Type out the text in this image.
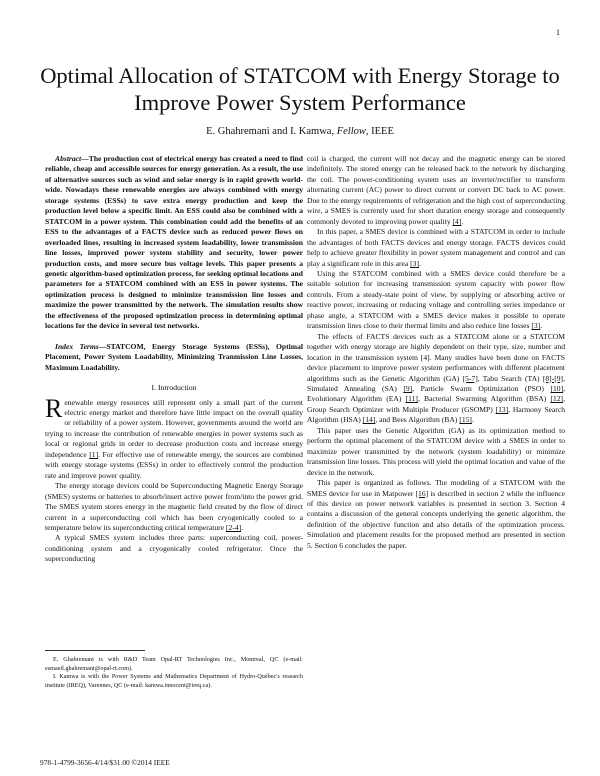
1
Optimal Allocation of STATCOM with Energy Storage to Improve Power System Performance
E. Ghahremani and I. Kamwa, Fellow, IEEE
Abstract—The production cost of electrical energy has created a need to find reliable, cheap and accessible sources for energy generation. As a result, the use of alternative sources such as wind and solar energy is in rapid growth world-wide. Nowadays these renewable energies are always combined with energy storage systems (ESSs) to save extra energy production and keep the production level below a specific limit. An ESS could also be combined with a STATCOM in a power system. This combination could add the benefits of an ESS to the advantages of a FACTS device such as reduced power flows on overloaded lines, resulting in increased system loadability, lower transmission line losses, improved power system stability and security, lower power production costs, and more secure bus voltage levels. This paper presents a genetic algorithm-based optimization process, for seeking optimal locations and parameters for a STATCOM combined with an ESS in power systems. The optimization process is designed to minimize transmission line losses and maximize the power transmitted by the network. The simulation results show the effectiveness of the proposed optimization process in determining optimal locations for the device in several test networks.
Index Terms—STATCOM, Energy Storage Systems (ESSs), Optimal Placement, Power System Loadability, Minimizing Tranmission Line Losses, Maximum Loadability.
I. Introduction
Renewable energy resources still represent only a small part of the current electric energy market and therefore have little impact on the overall quality or reliability of a power system. However, governments around the world are trying to increase the contribution of renewable energies in power systems such as local or regional grids in order to decrease production costs and increase energy independence [1]. For effective use of renewable energy, the sources are combined with energy storage systems (ESSs) in order to effectively control the production rate and improve power quality.
The energy storage devices could be Superconducting Magnetic Energy Storage (SMES) systems or batteries to absorb/insert active power from/into the power grid. The SMES system stores energy in the magnetic field created by the flow of direct current in a superconducting coil which has been cryogenically cooled to a temperature below its superconducting critical temperature [2-4].
A typical SMES system includes three parts: superconducting coil, power-conditioning system and a cryogenically cooled refrigerator. Once the superconducting
coil is charged, the current will not decay and the magnetic energy can be stored indefinitely. The stored energy can be released back to the network by discharging the coil. The power-conditioning system uses an inverter/rectifier to transform alternating current (AC) power to direct current or convert DC back to AC power. Due to the energy requirements of refrigeration and the high cost of superconducting wire, a SMES is currently used for short duration energy storage and consequently commonly devoted to improving power quality [4].
In this paper, a SMES device is combined with a STATCOM in order to include the advantages of both FACTS devices and energy storage. FACTS devices could help to achieve greater flexibility in power system management and control and can play a significant role in this area [3].
Using the STATCOM combined with a SMES device could therefore be a suitable solution for increasing transmission system capacity with power flow controls. From a steady-state point of view, by supplying or absorbing active or reactive power, increasing or reducing voltage and controlling series impedance or phase angle, a STATCOM with a SMES device makes it possible to operate transmission lines close to their thermal limits and also reduce line losses [3].
The effects of FACTS devices such as a STATCOM alone or a STATCOM together with energy storage are highly dependent on their type, size, number and location in the transmission system [4]. Many studies have been done on FACTS device placement to improve power system performances with different placement algorithms such as the Genetic Algorithm (GA) [5-7], Tabu Search (TA) [8]-[9], Simulated Annealing (SA) [9], Particle Swarm Optimization (PSO) [10], Evolutionary Algorithm (EA) [11], Bacterial Swarming Algorithm (BSA) [12], Group Search Optimizer with Multiple Producer (GSOMP) [13], Harmony Search Algorithm (HSA) [14], and Bees Algorithm (BA) [15].
This paper uses the Genetic Algorithm (GA) as its optimization method to perform the optimal placement of the STATCOM device with a SMES in order to maximize power transmitted by the network (system loadability) or minimize transmission line losses. This process will yield the optimal location and value of the device in the network.
This paper is organized as follows. The modeling of a STATCOM with the SMES device for use in Matpower [16] is described in section 2 while the influence of this device on power network variables is presented in section 3. Section 4 contains a discussion of the general concepts underlying the genetic algorithm, the definition of the objective function and also details of the optimization process. Simulation and placement results for the proposed method are presented in section 5. Section 6 concludes the paper.
E. Ghahremani is with R&D Team Opal-RT Technologies Inc., Montreal, QC (e-mail: esmaeil.ghahremani@opal-rt.com).
I. Kamwa is with the Power Systems and Mathematics Department of Hydro-Québec's research institute (IREQ), Varennes, QC (e-mail: kamwa.innocent@ireq.ca).
978-1-4799-3656-4/14/$31.00 ©2014 IEEE
